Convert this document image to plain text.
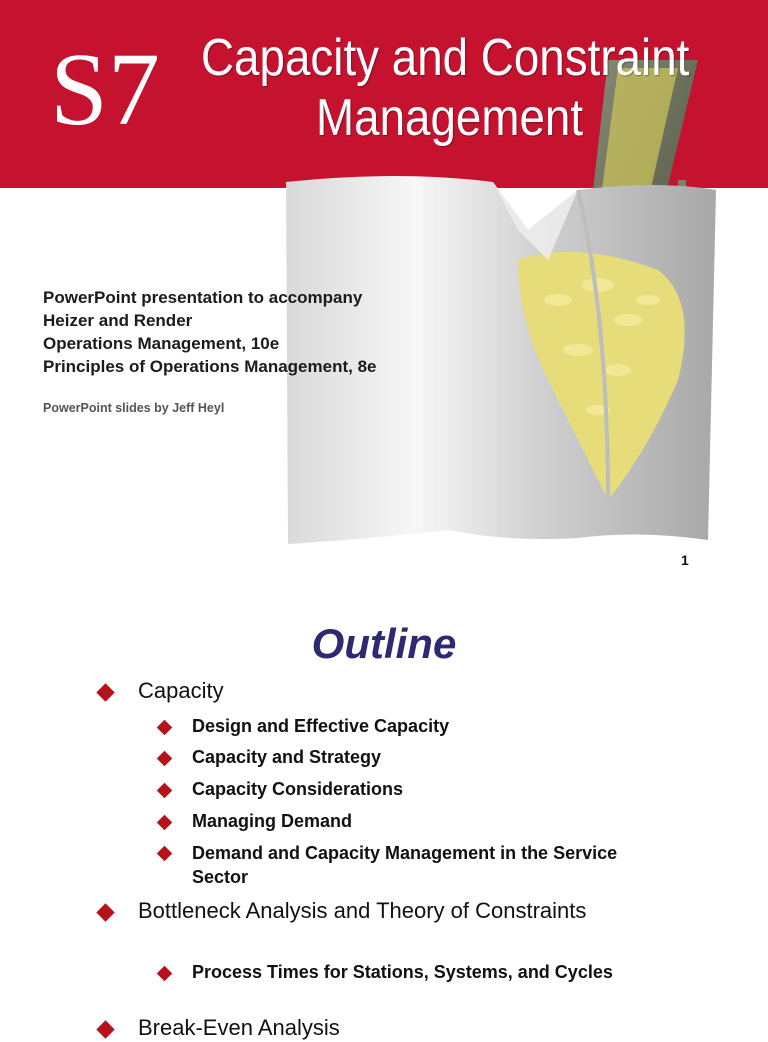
S7 Capacity and Constraint
Management
PowerPoint presentation to accompany
Heizer and Render
Operations Management, 10e
Principles of Operations Management, 8e
PowerPoint slides by Jeff Heyl
1
Outline
Capacity
Design and Effective Capacity
Capacity and Strategy
Capacity Considerations
Managing Demand
Demand and Capacity Management in the Service Sector
Bottleneck Analysis and Theory of Constraints
Process Times for Stations, Systems, and Cycles
Break-Even Analysis
